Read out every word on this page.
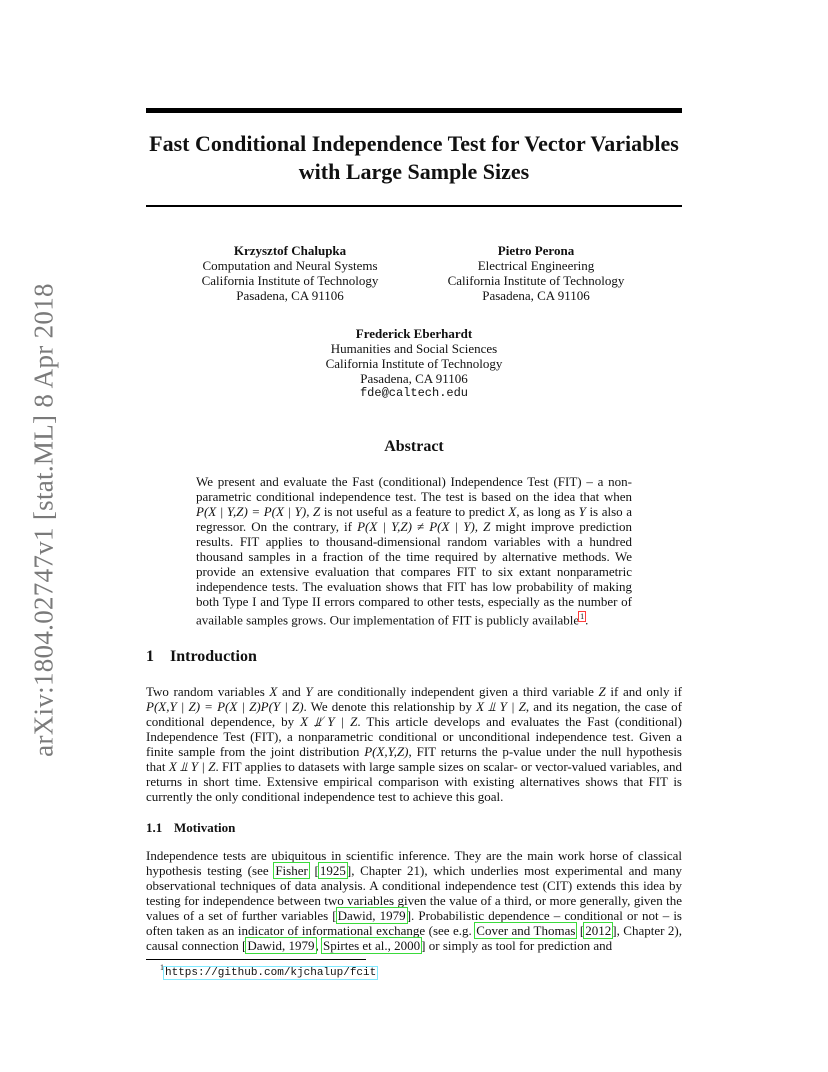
arXiv:1804.02747v1 [stat.ML] 8 Apr 2018
Fast Conditional Independence Test for Vector Variables with Large Sample Sizes
Krzysztof Chalupka
Computation and Neural Systems
California Institute of Technology
Pasadena, CA 91106
Pietro Perona
Electrical Engineering
California Institute of Technology
Pasadena, CA 91106
Frederick Eberhardt
Humanities and Social Sciences
California Institute of Technology
Pasadena, CA 91106
fde@caltech.edu
Abstract
We present and evaluate the Fast (conditional) Independence Test (FIT) – a non-parametric conditional independence test. The test is based on the idea that when P(X | Y,Z) = P(X | Y), Z is not useful as a feature to predict X, as long as Y is also a regressor. On the contrary, if P(X | Y,Z) ≠ P(X | Y), Z might improve prediction results. FIT applies to thousand-dimensional random variables with a hundred thousand samples in a fraction of the time required by alternative methods. We provide an extensive evaluation that compares FIT to six extant nonparametric independence tests. The evaluation shows that FIT has low probability of making both Type I and Type II errors compared to other tests, especially as the number of available samples grows. Our implementation of FIT is publicly available$^1$.
1 Introduction
Two random variables X and Y are conditionally independent given a third variable Z if and only if P(X,Y | Z) = P(X | Z)P(Y | Z). We denote this relationship by X ⫫ Y | Z, and its negation, the case of conditional dependence, by X ⫫̸ Y | Z. This article develops and evaluates the Fast (conditional) Independence Test (FIT), a nonparametric conditional or unconditional independence test. Given a finite sample from the joint distribution P(X,Y,Z), FIT returns the p-value under the null hypothesis that X ⫫ Y | Z. FIT applies to datasets with large sample sizes on scalar- or vector-valued variables, and returns in short time. Extensive empirical comparison with existing alternatives shows that FIT is currently the only conditional independence test to achieve this goal.
1.1 Motivation
Independence tests are ubiquitous in scientific inference. They are the main work horse of classical hypothesis testing (see Fisher [1925], Chapter 21), which underlies most experimental and many observational techniques of data analysis. A conditional independence test (CIT) extends this idea by testing for independence between two variables given the value of a third, or more generally, given the values of a set of further variables [Dawid, 1979]. Probabilistic dependence – conditional or not – is often taken as an indicator of informational exchange (see e.g. Cover and Thomas [2012], Chapter 2), causal connection [Dawid, 1979, Spirtes et al., 2000] or simply as tool for prediction and
$^1$https://github.com/kjchalup/fcit
